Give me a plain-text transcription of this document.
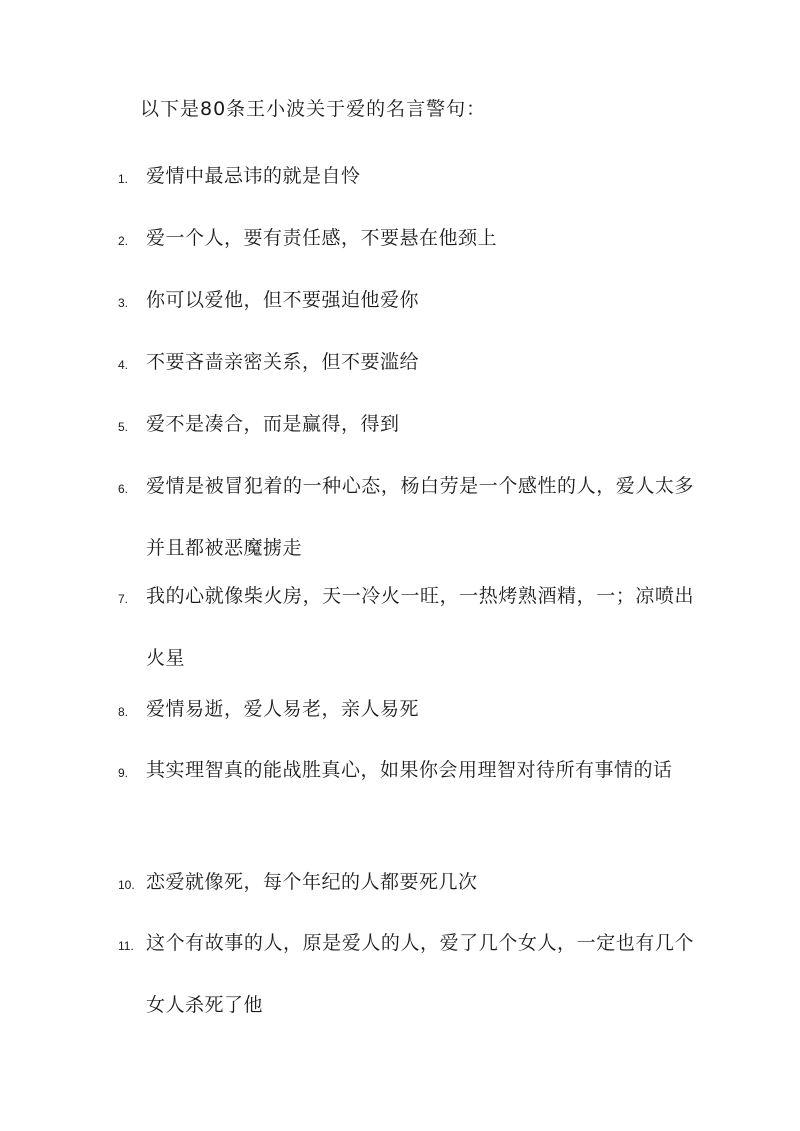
以下是80条王小波关于爱的名言警句：
1. 爱情中最忌讳的就是自怜
2. 爱一个人，要有责任感，不要悬在他颈上
3. 你可以爱他，但不要强迫他爱你
4. 不要吝啬亲密关系，但不要滥给
5. 爱不是凑合，而是赢得，得到
6. 爱情是被冒犯着的一种心态，杨白劳是一个感性的人，爱人太多并且都被恶魔掳走
7. 我的心就像柴火房，天一冷火一旺，一热烤熟酒精，一；凉喷出火星
8. 爱情易逝，爱人易老，亲人易死
9. 其实理智真的能战胜真心，如果你会用理智对待所有事情的话
10. 恋爱就像死，每个年纪的人都要死几次
11. 这个有故事的人，原是爱人的人，爱了几个女人，一定也有几个女人杀死了他
